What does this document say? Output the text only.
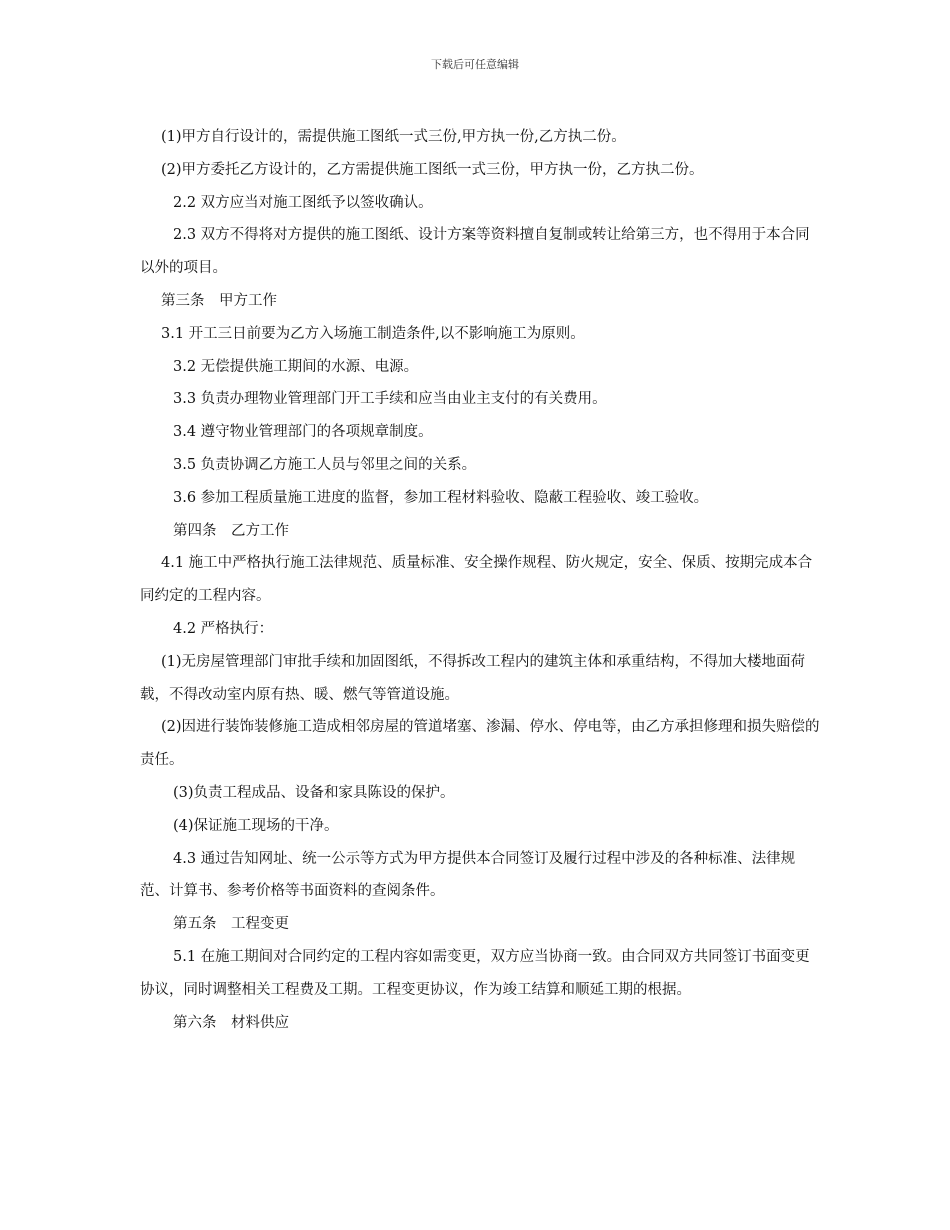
下载后可任意编辑

(1)甲方自行设计的，需提供施工图纸一式三份,甲方执一份,乙方执二份。

(2)甲方委托乙方设计的，乙方需提供施工图纸一式三份，甲方执一份，乙方执二份。

2.2 双方应当对施工图纸予以签收确认。

2.3 双方不得将对方提供的施工图纸、设计方案等资料擅自复制或转让给第三方，也不得用于本合同以外的项目。

第三条　甲方工作

3.1 开工三日前要为乙方入场施工制造条件,以不影响施工为原则。

3.2 无偿提供施工期间的水源、电源。

3.3 负责办理物业管理部门开工手续和应当由业主支付的有关费用。

3.4 遵守物业管理部门的各项规章制度。

3.5 负责协调乙方施工人员与邻里之间的关系。

3.6 参加工程质量施工进度的监督，参加工程材料验收、隐蔽工程验收、竣工验收。

第四条　乙方工作

4.1 施工中严格执行施工法律规范、质量标准、安全操作规程、防火规定，安全、保质、按期完成本合同约定的工程内容。

4.2 严格执行：

(1)无房屋管理部门审批手续和加固图纸，不得拆改工程内的建筑主体和承重结构，不得加大楼地面荷载，不得改动室内原有热、暖、燃气等管道设施。

(2)因进行装饰装修施工造成相邻房屋的管道堵塞、渗漏、停水、停电等，由乙方承担修理和损失赔偿的责任。

(3)负责工程成品、设备和家具陈设的保护。

(4)保证施工现场的干净。

4.3 通过告知网址、统一公示等方式为甲方提供本合同签订及履行过程中涉及的各种标准、法律规范、计算书、参考价格等书面资料的查阅条件。

第五条　工程变更

5.1 在施工期间对合同约定的工程内容如需变更，双方应当协商一致。由合同双方共同签订书面变更协议，同时调整相关工程费及工期。工程变更协议，作为竣工结算和顺延工期的根据。

第六条　材料供应
